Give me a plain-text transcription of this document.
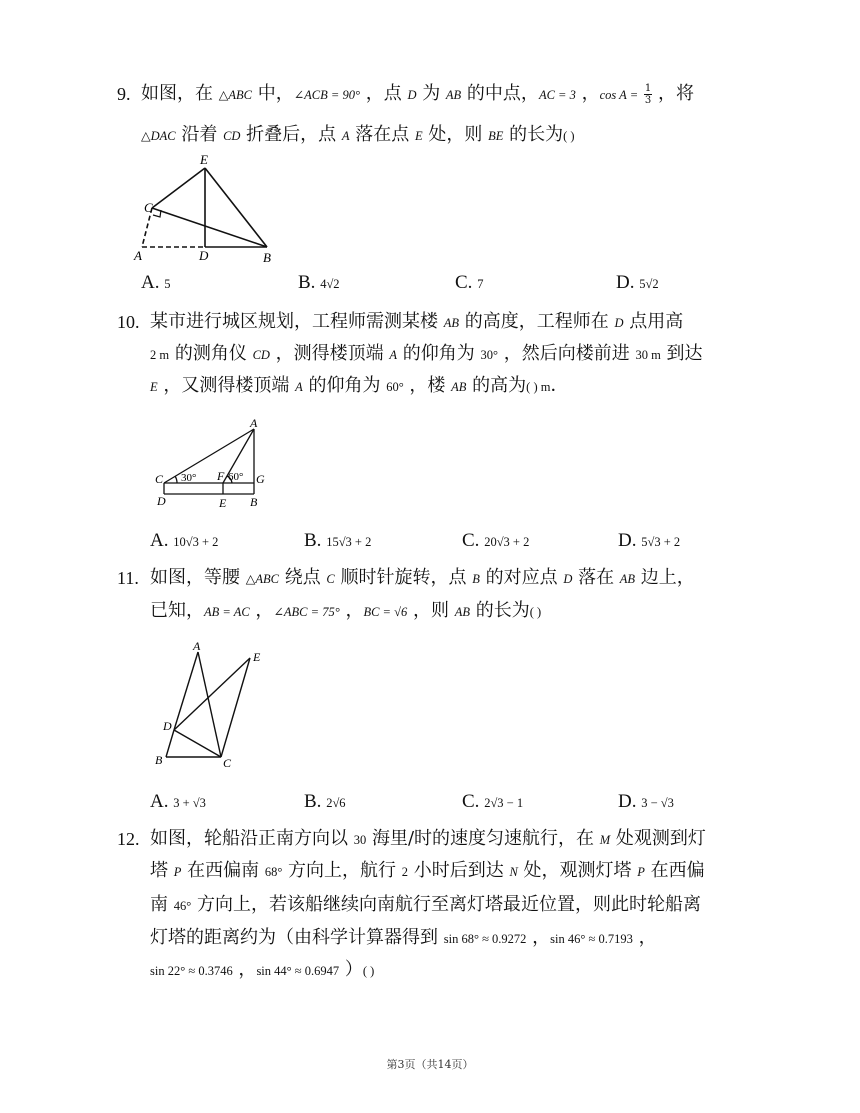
9. 如图，在 △ABC 中，∠ACB = 90° ，点 D 为 AB 的中点，AC = 3 ，$\cos A = \frac{1}{3}$ ，将
△DAC 沿着 CD 折叠后，点 A 落在点 E 处，则 BE 的长为( )
E
C
A	D	B
A. 5	B. 4√2	C. 7	D. 5√2
10. 某市进行城区规划，工程师需测某楼 AB 的高度，工程师在 D 点用高
2 m 的测角仪 CD ，测得楼顶端 A 的仰角为 30° ，然后向楼前进 30 m 到达
E ，又测得楼顶端 A 的仰角为 60° ，楼 AB 的高为( ) m．
A
C 30° F 60° G
D	E B
A. 10√3 + 2	B. 15√3 + 2	C. 20√3 + 2	D. 5√3 + 2
11. 如图，等腰 △ABC 绕点 C 顺时针旋转，点 B 的对应点 D 落在 AB 边上，
已知，AB = AC ，∠ABC = 75° ，BC = √6 ，则 AB 的长为( )
A
E
D
B	C
A. 3 + √3	B. 2√6	C. 2√3 − 1	D. 3 − √3
12. 如图，轮船沿正南方向以 30 海里/时的速度匀速航行，在 M 处观测到灯
塔 P 在西偏南 68° 方向上，航行 2 小时后到达 N 处，观测灯塔 P 在西偏
南 46° 方向上，若该船继续向南航行至离灯塔最近位置，则此时轮船离
灯塔的距离约为（由科学计算器得到 sin 68° ≈ 0.9272 ，sin 46° ≈ 0.7193 ，
sin 22° ≈ 0.3746 ，sin 44° ≈ 0.6947 ）( )
第3页（共14页）
